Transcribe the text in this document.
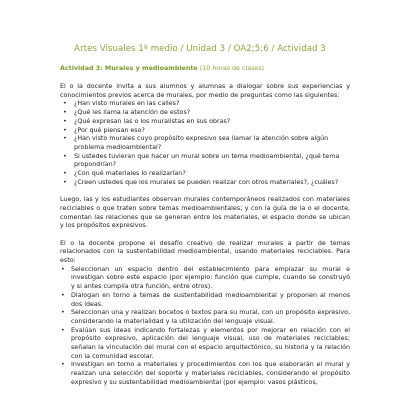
Artes Visuales 1º medio / Unidad 3 / OA2;5;6 / Actividad 3
Actividad 3: Murales y medioambiente (10 horas de clases)

El o la docente invita a sus alumnos y alumnas a dialogar sobre sus experiencias y conocimientos previos acerca de murales, por medio de preguntas como las siguientes:

•	¿Han visto murales en las calles?
•	¿Qué les llama la atención de estos?
•	¿Qué expresan las o los muralistas en sus obras?
•	¿Por qué piensan eso?
•	¿Han visto murales cuyo propósito expresivo sea llamar la atención sobre algún problema medioambiental?
•	Si ustedes tuvieran que hacer un mural sobre un tema medioambiental, ¿qué tema propondrían?
•	¿Con qué materiales lo realizarían?
•	¿Creen ustedes que los murales se pueden realizar con otros materiales?, ¿cuáles?

Luego, las y los estudiantes observan murales contemporáneos realizados con materiales reciclables o que traten sobre temas medioambientales; y con la guía de la o el docente, comentan las relaciones que se generan entre los materiales, el espacio donde se ubican y los propósitos expresivos.

El o la docente propone el desafío creativo de realizar murales a partir de temas relacionados con la sustentabilidad medioambiental, usando materiales reciclables. Para esto:

• Seleccionan un espacio dentro del establecimiento para emplazar su mural e investigan sobre este espacio (por ejemplo: función que cumple, cuando se construyó y si antes cumplía otra función, entre otros).
• Dialogan en torno a temas de sustentabilidad medioambiental y proponen al menos dos ideas.
• Seleccionan una y realizan bocetos o textos para su mural, con un propósito expresivo, considerando la materialidad y la utilización del lenguaje visual.
• Evalúan sus ideas indicando fortalezas y elementos por mejorar en relación con el propósito expresivo, aplicación del lenguaje visual, uso de materiales reciclables; señalan la vinculación del mural con el espacio arquitectónico, su historia y la relación con la comunidad escolar.
• Investigan en torno a materiales y procedimientos con los que elaborarán el mural y realizan una selección del soporte y materiales reciclables, considerando el propósito expresivo y su sustentabilidad medioambiental (por ejemplo: vasos plásticos,
